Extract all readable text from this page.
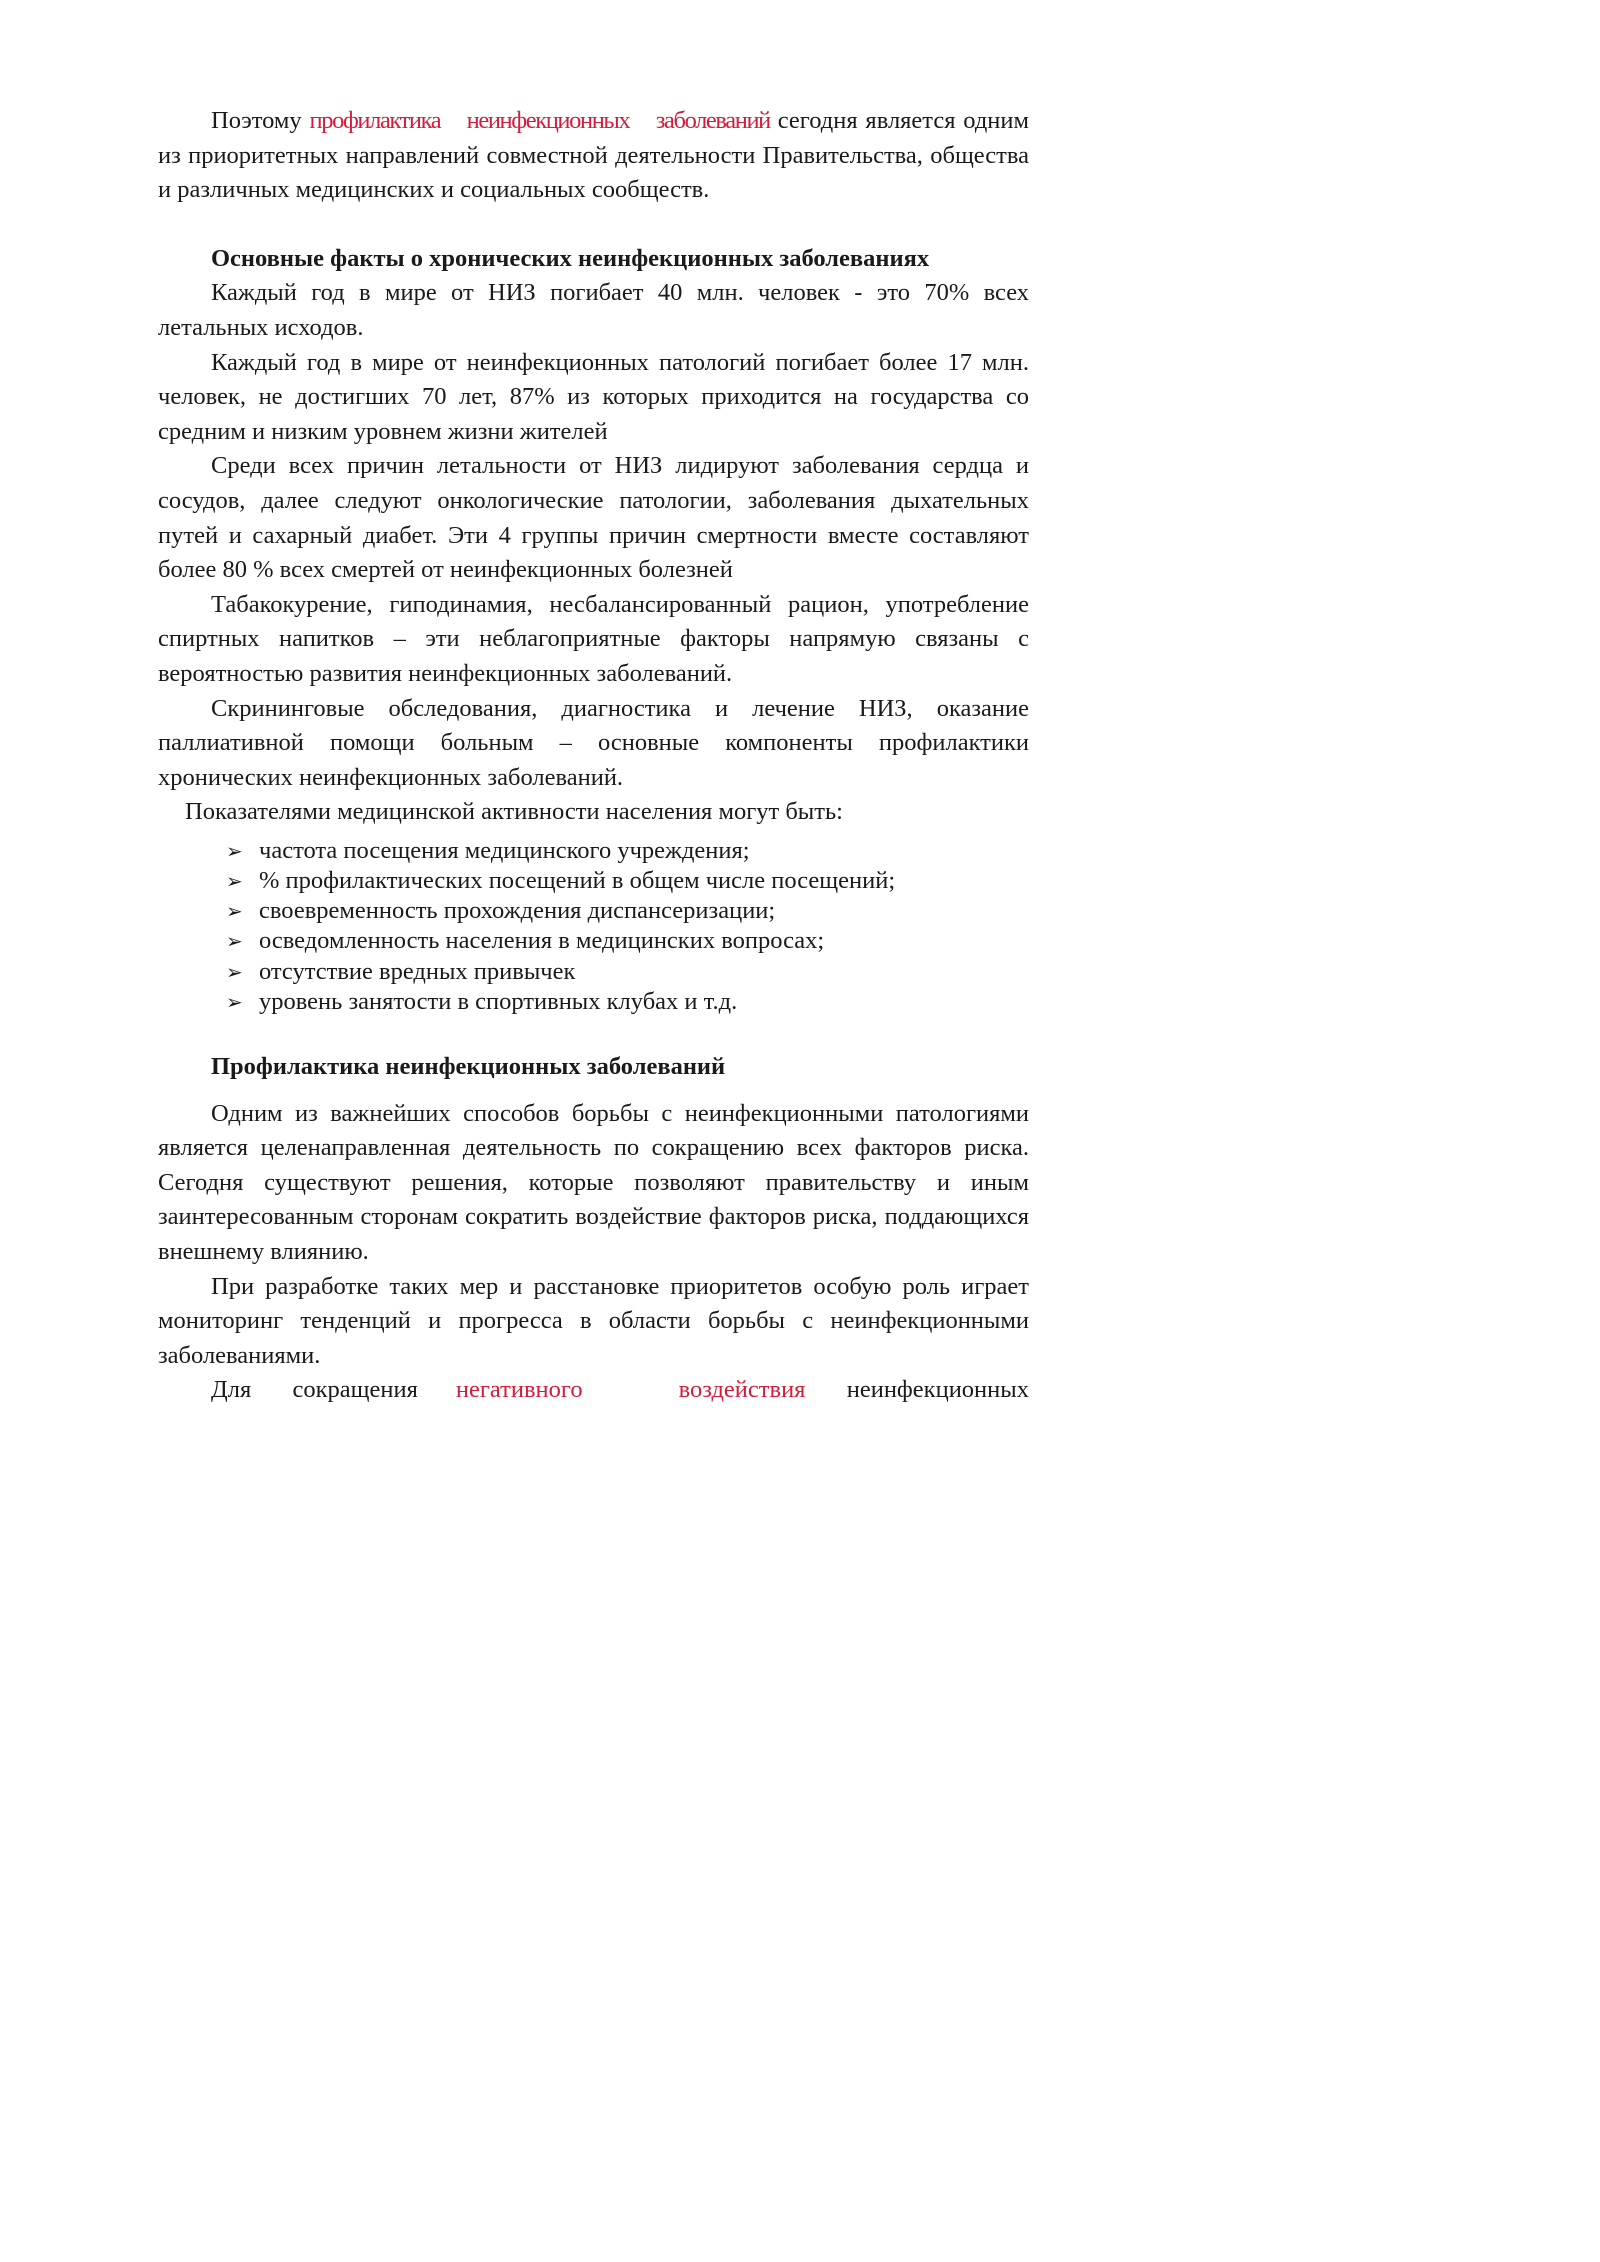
Поэтому профилактика неинфекционных заболеваний сегодня является одним из приоритетных направлений совместной деятельности Правительства, общества и различных медицинских и социальных сообществ.

Основные факты о хронических неинфекционных заболеваниях

Каждый год в мире от НИЗ погибает 40 млн. человек - это 70% всех летальных исходов.

Каждый год в мире от неинфекционных патологий погибает более 17 млн. человек, не достигших 70 лет, 87% из которых приходится на государства со средним и низким уровнем жизни жителей

Среди всех причин летальности от НИЗ лидируют заболевания сердца и сосудов, далее следуют онкологические патологии, заболевания дыхательных путей и сахарный диабет. Эти 4 группы причин смертности вместе составляют более 80 % всех смертей от неинфекционных болезней

Табакокурение, гиподинамия, несбалансированный рацион, употребление спиртных напитков – эти неблагоприятные факторы напрямую связаны с вероятностью развития неинфекционных заболеваний.

Скрининговые обследования, диагностика и лечение НИЗ, оказание паллиативной помощи больным – основные компоненты профилактики хронических неинфекционных заболеваний.

Показателями медицинской активности населения могут быть:

➢ частота посещения медицинского учреждения;
➢ % профилактических посещений в общем числе посещений;
➢ своевременность прохождения диспансеризации;
➢ осведомленность населения в медицинских вопросах;
➢ отсутствие вредных привычек
➢ уровень занятости в спортивных клубах и т.д.

Профилактика неинфекционных заболеваний

Одним из важнейших способов борьбы с неинфекционными патологиями является целенаправленная деятельность по сокращению всех факторов риска. Сегодня существуют решения, которые позволяют правительству и иным заинтересованным сторонам сократить воздействие факторов риска, поддающихся внешнему влиянию.

При разработке таких мер и расстановке приоритетов особую роль играет мониторинг тенденций и прогресса в области борьбы с неинфекционными заболеваниями.

Для сокращения негативного	воздействия неинфекционных
